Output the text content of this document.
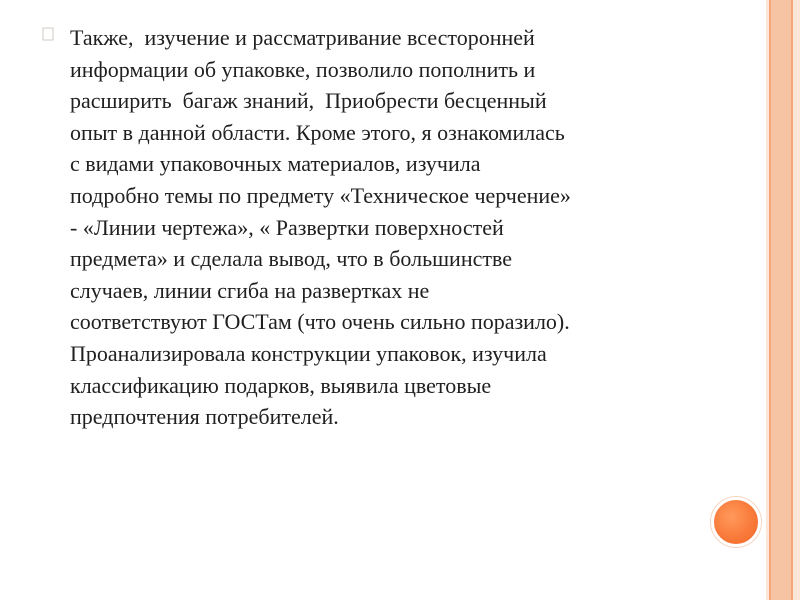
Также,  изучение и рассматривание всесторонней
информации об упаковке, позволило пополнить и
расширить  багаж знаний,  Приобрести бесценный
опыт в данной области. Кроме этого, я ознакомилась
с видами упаковочных материалов, изучила
подробно темы по предмету «Техническое черчение»
- «Линии чертежа», « Развертки поверхностей
предмета» и сделала вывод, что в большинстве
случаев, линии сгиба на развертках не
соответствуют ГОСТам (что очень сильно поразило).
Проанализировала конструкции упаковок, изучила
классификацию подарков, выявила цветовые
предпочтения потребителей.
